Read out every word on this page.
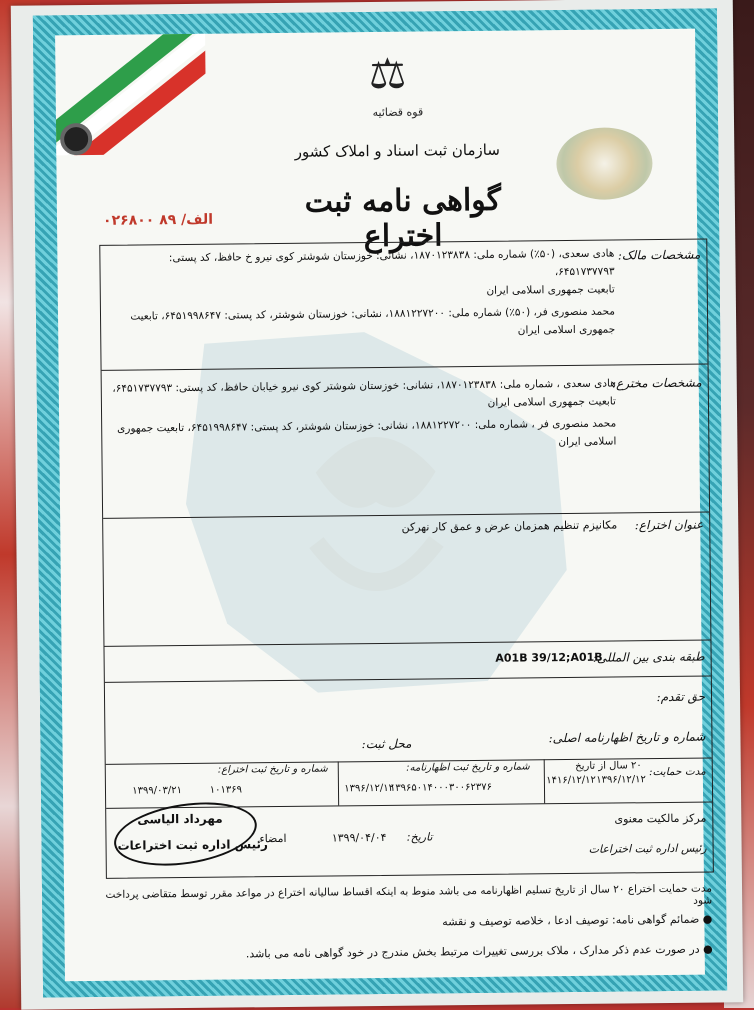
⚖
قوه قضائیه
سازمان ثبت اسناد و املاک کشور
گواهی نامه ثبت اختراع
الف/ ۸۹ ۰۲۶۸۰۰
مشخصات مالک:
هادی سعدی، (۵۰٪) شماره ملی: ۱۸۷۰۱۲۳۸۳۸، نشانی: خوزستان شوشتر کوی نیرو خ حافظ، کد پستی: ۶۴۵۱۷۳۷۷۹۳،
تابعیت جمهوری اسلامی ایران
محمد منصوری فر، (۵۰٪) شماره ملی: ۱۸۸۱۲۲۷۲۰۰، نشانی: خوزستان شوشتر، کد پستی: ۶۴۵۱۹۹۸۶۴۷، تابعیت
جمهوری اسلامی ایران
مشخصات مخترع:
هادی سعدی ، شماره ملی: ۱۸۷۰۱۲۳۸۳۸، نشانی: خوزستان شوشتر کوی نیرو خیابان حافظ، کد پستی: ۶۴۵۱۷۳۷۷۹۳،
تابعیت جمهوری اسلامی ایران
محمد منصوری فر ، شماره ملی: ۱۸۸۱۲۲۷۲۰۰، نشانی: خوزستان شوشتر، کد پستی: ۶۴۵۱۹۹۸۶۴۷، تابعیت جمهوری
اسلامی ایران
عنوان اختراع:
مکانیزم تنظیم همزمان عرض و عمق کار نهرکن
طبقه بندی بین المللی:
A01B 39/12;A01B
حق تقدم:
شماره و تاریخ اظهارنامه اصلی:
محل ثبت:
مدت حمایت:
۲۰ سال از تاریخ
۱۳۹۶/۱۲/۱۲
۱۴۱۶/۱۲/۱۲
شماره و تاریخ ثبت اظهارنامه:
۱۳۹۶۵۰۱۴۰۰۰۳۰۰۶۲۳۷۶
۱۳۹۶/۱۲/۱۲
شماره و تاریخ ثبت اختراع:
۱۰۱۳۶۹
۱۳۹۹/۰۳/۲۱
مرکز مالکیت معنوی
رئیس اداره ثبت اختراعات
تاریخ:
۱۳۹۹/۰۴/۰۴
امضاء
مهرداد الیاسی
رئیس اداره ثبت اختراعات
مدت حمایت اختراع ۲۰ سال از تاریخ تسلیم اظهارنامه می باشد منوط به اینکه اقساط سالیانه اختراع در مواعد مقرر توسط متقاضی پرداخت شود
● ضمائم گواهی نامه: توصیف ادعا ، خلاصه توصیف و نقشه
● در صورت عدم ذکر مدارک ، ملاک بررسی تغییرات مرتبط بخش مندرج در خود گواهی نامه می باشد.
